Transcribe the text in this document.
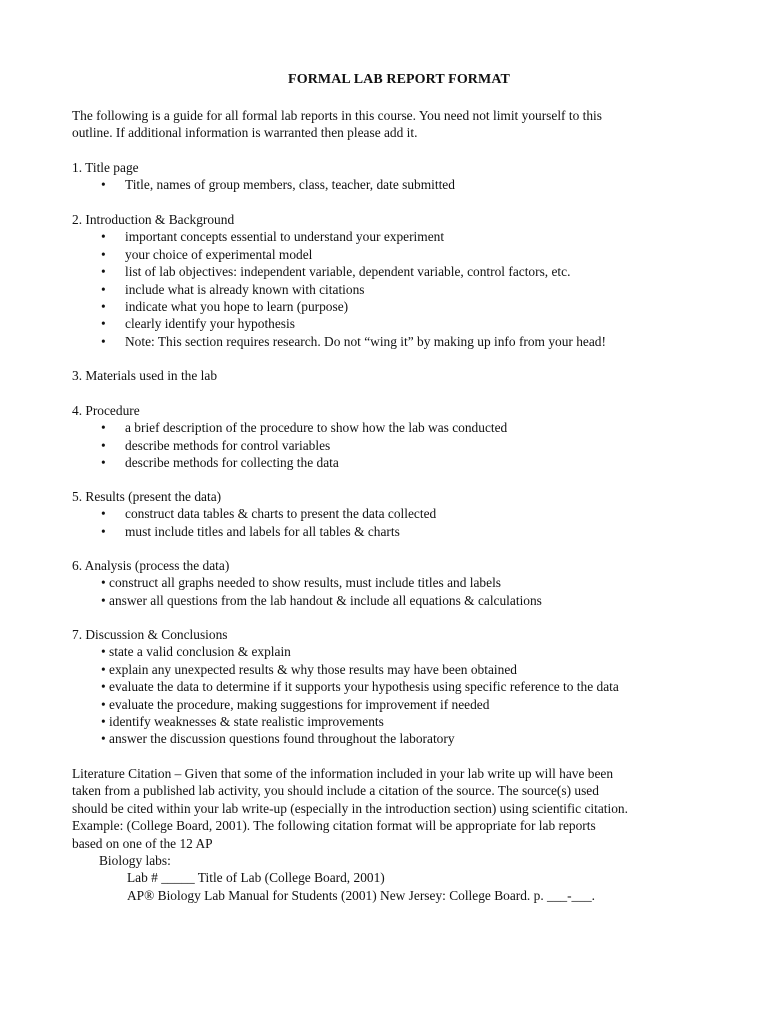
FORMAL LAB REPORT FORMAT
The following is a guide for all formal lab reports in this course. You need not limit yourself to this
outline. If additional information is warranted then please add it.
1. Title page
• Title, names of group members, class, teacher, date submitted
2. Introduction & Background
• important concepts essential to understand your experiment
• your choice of experimental model
• list of lab objectives: independent variable, dependent variable, control factors, etc.
• include what is already known with citations
• indicate what you hope to learn (purpose)
• clearly identify your hypothesis
• Note: This section requires research. Do not “wing it” by making up info from your head!
3. Materials used in the lab
4. Procedure
• a brief description of the procedure to show how the lab was conducted
• describe methods for control variables
• describe methods for collecting the data
5. Results (present the data)
• construct data tables & charts to present the data collected
• must include titles and labels for all tables & charts
6. Analysis (process the data)
• construct all graphs needed to show results, must include titles and labels
• answer all questions from the lab handout & include all equations & calculations
7. Discussion & Conclusions
• state a valid conclusion & explain
• explain any unexpected results & why those results may have been obtained
• evaluate the data to determine if it supports your hypothesis using specific reference to the data
• evaluate the procedure, making suggestions for improvement if needed
• identify weaknesses & state realistic improvements
• answer the discussion questions found throughout the laboratory
Literature Citation – Given that some of the information included in your lab write up will have been
taken from a published lab activity, you should include a citation of the source. The source(s) used
should be cited within your lab write-up (especially in the introduction section) using scientific citation.
Example: (College Board, 2001). The following citation format will be appropriate for lab reports
based on one of the 12 AP
Biology labs:
Lab # _____ Title of Lab (College Board, 2001)
AP® Biology Lab Manual for Students (2001) New Jersey: College Board. p. ___-___.
